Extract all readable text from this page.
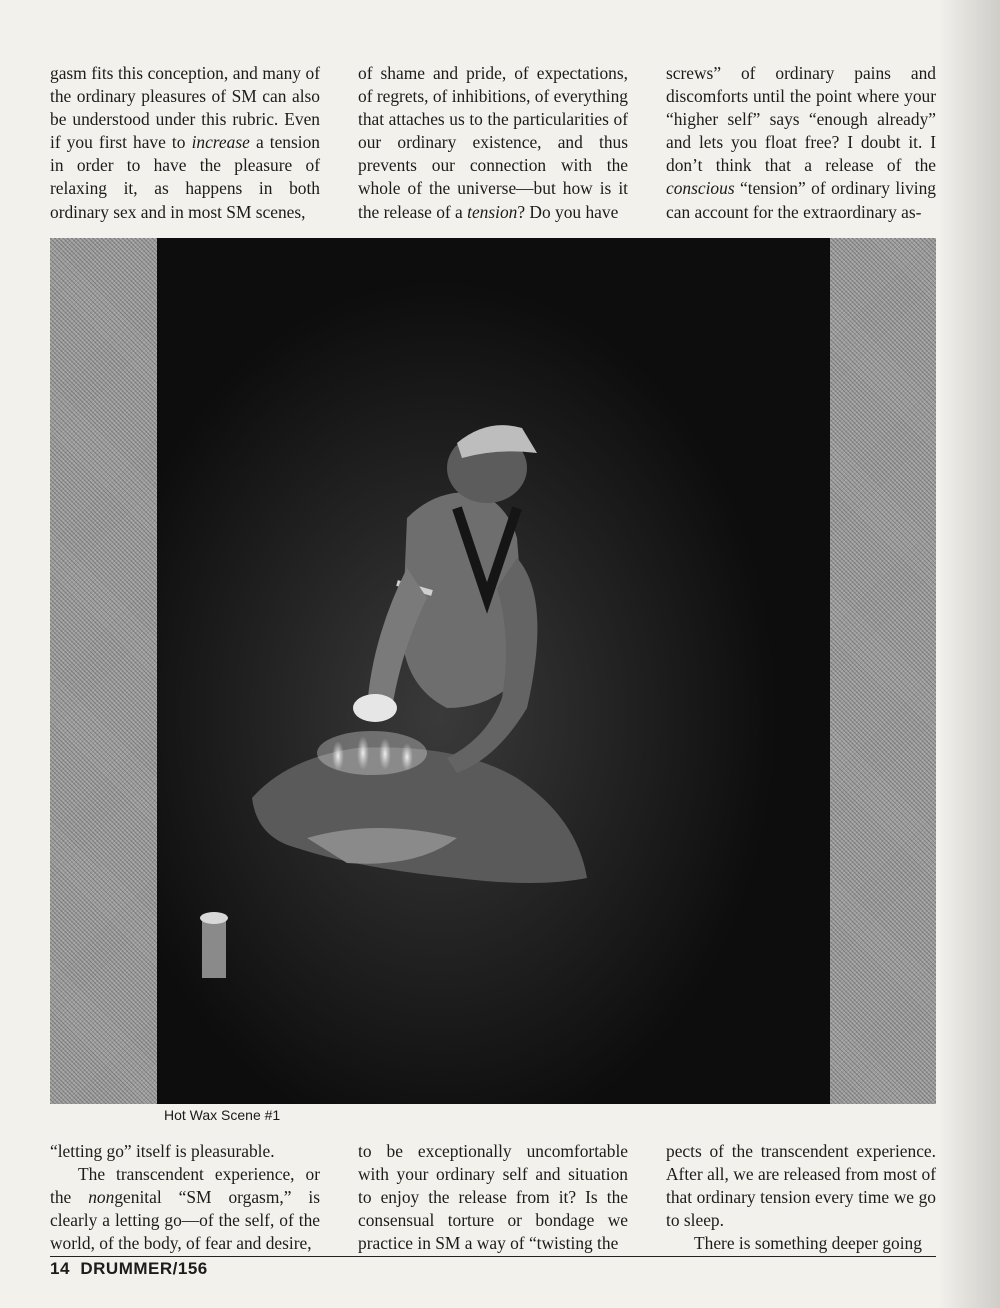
gasm fits this conception, and many of the ordinary pleasures of SM can also be understood under this rubric. Even if you first have to increase a tension in order to have the pleasure of relaxing it, as happens in both ordinary sex and in most SM scenes,

of shame and pride, of expectations, of regrets, of inhibitions, of everything that attaches us to the particularities of our ordinary existence, and thus prevents our connection with the whole of the universe—but how is it the release of a tension? Do you have

screws” of ordinary pains and discomforts until the point where your “higher self” says “enough already” and lets you float free? I doubt it. I don’t think that a release of the conscious “tension” of ordinary living can account for the extraordinary as-

Hot Wax Scene #1

“letting go” itself is pleasurable.

The transcendent experience, or the nongenital “SM orgasm,” is clearly a letting go—of the self, of the world, of the body, of fear and desire,

to be exceptionally uncomfortable with your ordinary self and situation to enjoy the release from it? Is the consensual torture or bondage we practice in SM a way of “twisting the

pects of the transcendent experience. After all, we are released from most of that ordinary tension every time we go to sleep.

There is something deeper going

14 DRUMMER/156
